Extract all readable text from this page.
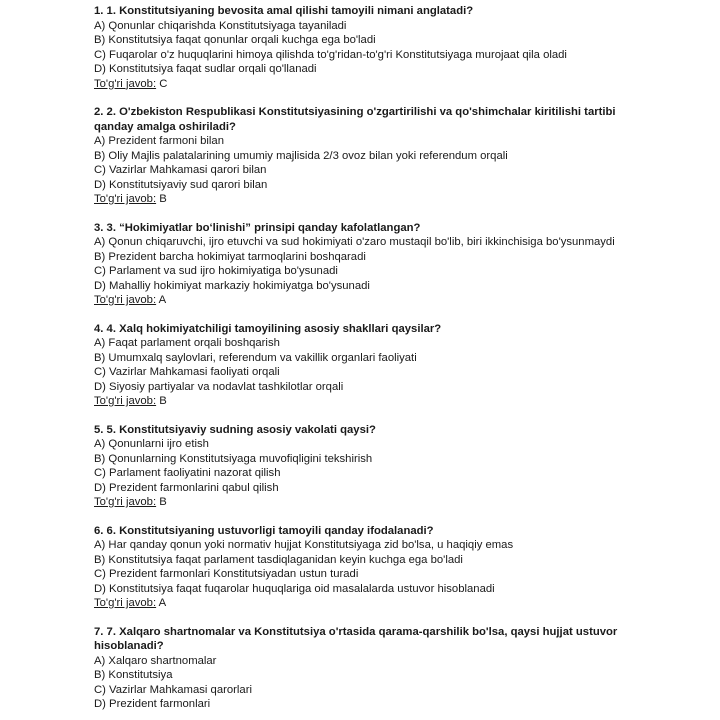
1. 1. Konstitutsiyaning bevosita amal qilishi tamoyili nimani anglatadi?
A) Qonunlar chiqarishda Konstitutsiyaga tayaniladi
B) Konstitutsiya faqat qonunlar orqali kuchga ega bo'ladi
C) Fuqarolar o'z huquqlarini himoya qilishda to'g'ridan-to'g'ri Konstitutsiyaga murojaat qila oladi
D) Konstitutsiya faqat sudlar orqali qo'llanadi
To'g'ri javob: C
2. 2. O'zbekiston Respublikasi Konstitutsiyasining o'zgartirilishi va qo'shimchalar kiritilishi tartibi qanday amalga oshiriladi?
A) Prezident farmoni bilan
B) Oliy Majlis palatalarining umumiy majlisida 2/3 ovoz bilan yoki referendum orqali
C) Vazirlar Mahkamasi qarori bilan
D) Konstitutsiyaviy sud qarori bilan
To'g'ri javob: B
3. 3. “Hokimiyatlar bo‘linishi” prinsipi qanday kafolatlangan?
A) Qonun chiqaruvchi, ijro etuvchi va sud hokimiyati o'zaro mustaqil bo'lib, biri ikkinchisiga bo'ysunmaydi
B) Prezident barcha hokimiyat tarmoqlarini boshqaradi
C) Parlament va sud ijro hokimiyatiga bo'ysunadi
D) Mahalliy hokimiyat markaziy hokimiyatga bo'ysunadi
To'g'ri javob: A
4. 4. Xalq hokimiyatchiligi tamoyilining asosiy shakllari qaysilar?
A) Faqat parlament orqali boshqarish
B) Umumxalq saylovlari, referendum va vakillik organlari faoliyati
C) Vazirlar Mahkamasi faoliyati orqali
D) Siyosiy partiyalar va nodavlat tashkilotlar orqali
To'g'ri javob: B
5. 5. Konstitutsiyaviy sudning asosiy vakolati qaysi?
A) Qonunlarni ijro etish
B) Qonunlarning Konstitutsiyaga muvofiqligini tekshirish
C) Parlament faoliyatini nazorat qilish
D) Prezident farmonlarini qabul qilish
To'g'ri javob: B
6. 6. Konstitutsiyaning ustuvorligi tamoyili qanday ifodalanadi?
A) Har qanday qonun yoki normativ hujjat Konstitutsiyaga zid bo'lsa, u haqiqiy emas
B) Konstitutsiya faqat parlament tasdiqlaganidan keyin kuchga ega bo'ladi
C) Prezident farmonlari Konstitutsiyadan ustun turadi
D) Konstitutsiya faqat fuqarolar huquqlariga oid masalalarda ustuvor hisoblanadi
To'g'ri javob: A
7. 7. Xalqaro shartnomalar va Konstitutsiya o'rtasida qarama-qarshilik bo'lsa, qaysi hujjat ustuvor hisoblanadi?
A) Xalqaro shartnomalar
B) Konstitutsiya
C) Vazirlar Mahkamasi qarorlari
D) Prezident farmonlari
